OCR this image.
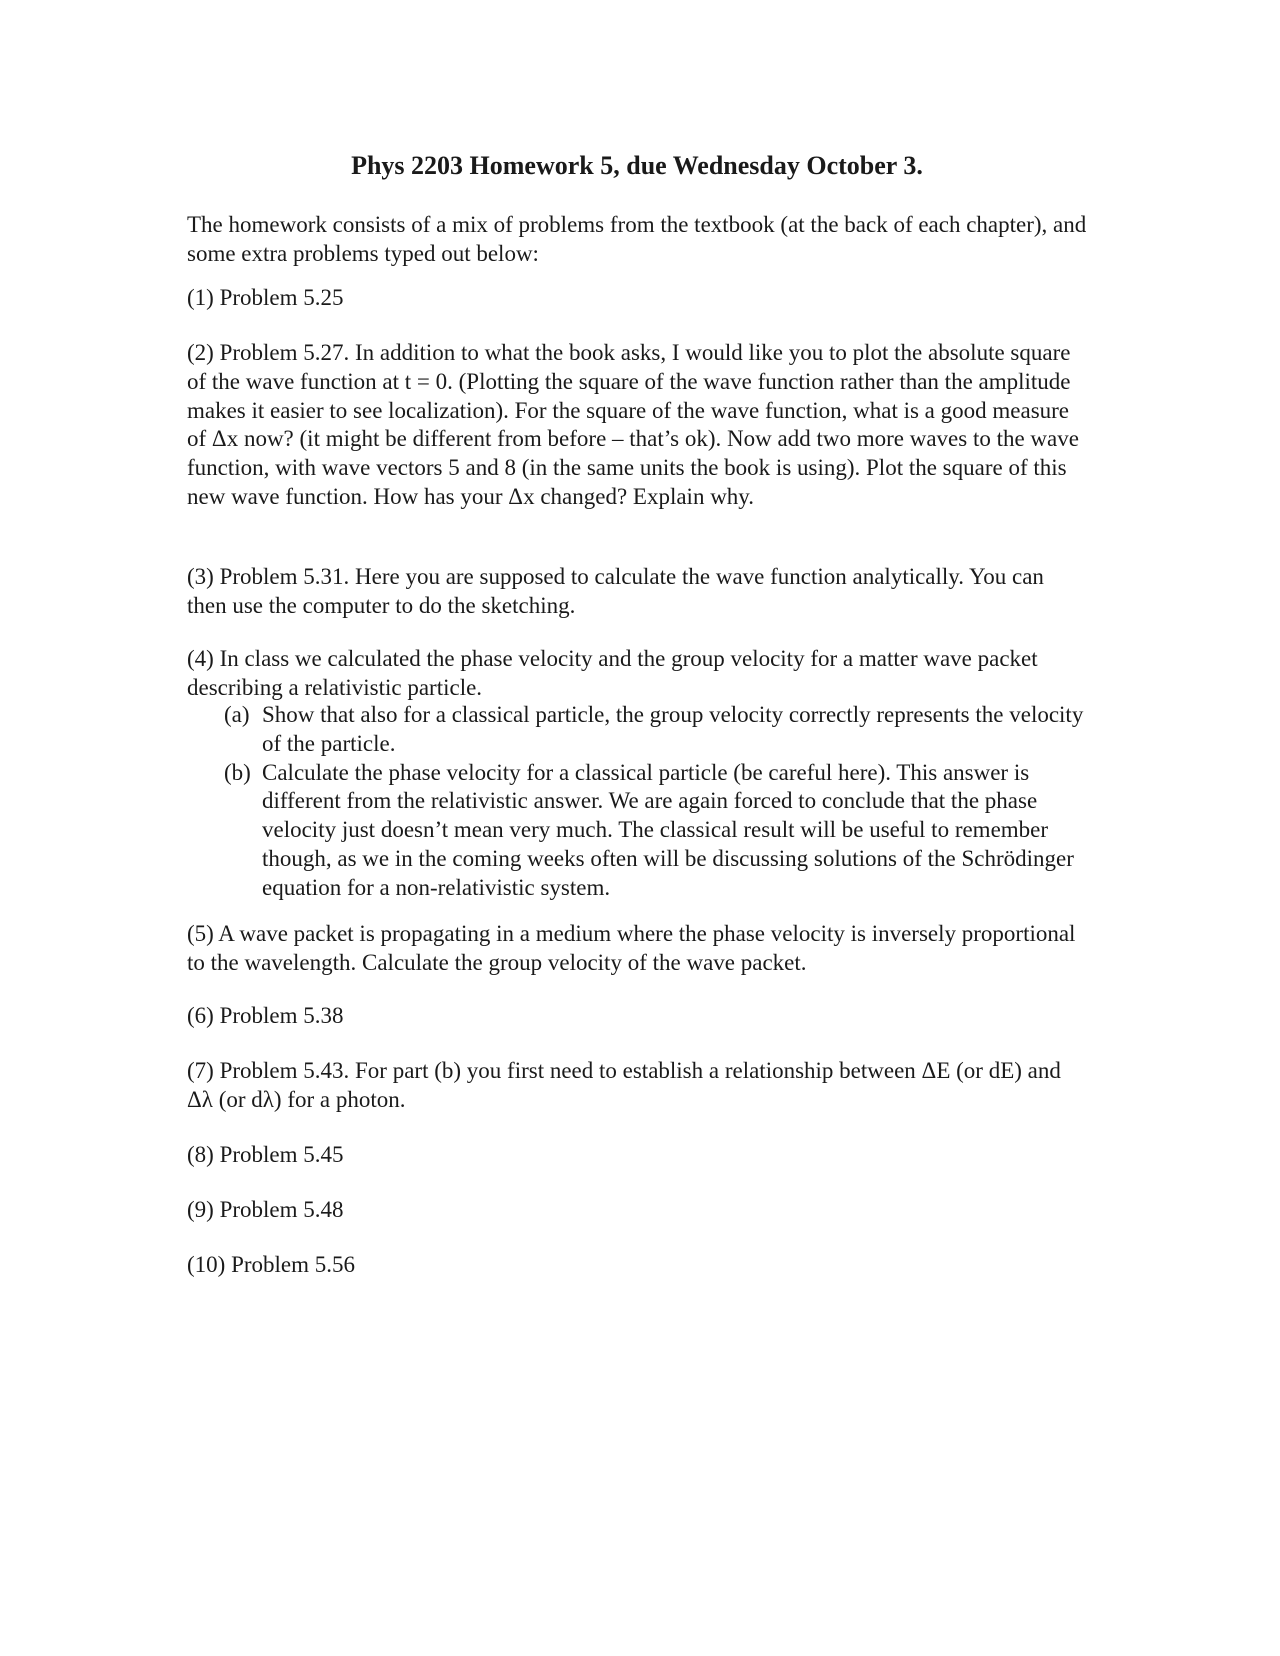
Phys 2203 Homework 5, due Wednesday October 3.

The homework consists of a mix of problems from the textbook (at the back of each chapter), and some extra problems typed out below:

(1) Problem 5.25

(2) Problem 5.27. In addition to what the book asks, I would like you to plot the absolute square of the wave function at t = 0. (Plotting the square of the wave function rather than the amplitude makes it easier to see localization). For the square of the wave function, what is a good measure of Δx now? (it might be different from before – that’s ok). Now add two more waves to the wave function, with wave vectors 5 and 8 (in the same units the book is using). Plot the square of this new wave function. How has your Δx changed? Explain why.

(3) Problem 5.31. Here you are supposed to calculate the wave function analytically. You can then use the computer to do the sketching.

(4) In class we calculated the phase velocity and the group velocity for a matter wave packet describing a relativistic particle.

(a) Show that also for a classical particle, the group velocity correctly represents the velocity of the particle.
(b) Calculate the phase velocity for a classical particle (be careful here). This answer is different from the relativistic answer. We are again forced to conclude that the phase velocity just doesn’t mean very much. The classical result will be useful to remember though, as we in the coming weeks often will be discussing solutions of the Schrödinger equation for a non-relativistic system.

(5) A wave packet is propagating in a medium where the phase velocity is inversely proportional to the wavelength. Calculate the group velocity of the wave packet.

(6) Problem 5.38

(7) Problem 5.43. For part (b) you first need to establish a relationship between ΔE (or dE) and Δλ (or dλ) for a photon.

(8) Problem 5.45

(9) Problem 5.48

(10) Problem 5.56
